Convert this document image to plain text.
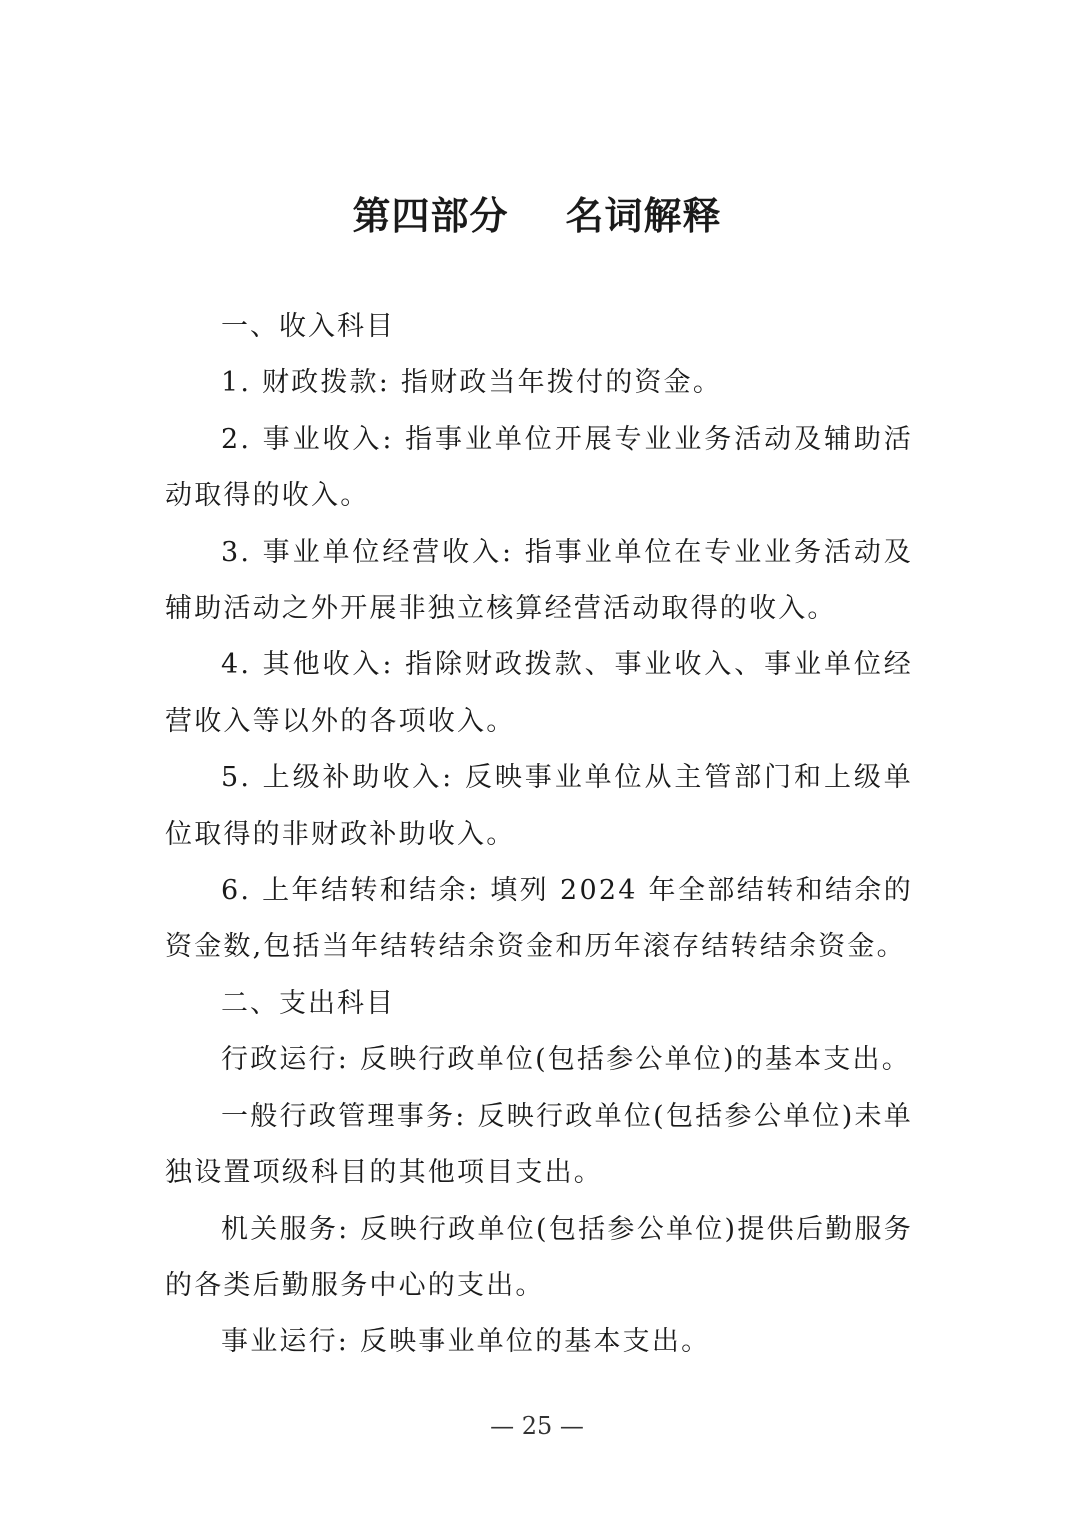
第四部分    名词解释

一、收入科目

1. 财政拨款: 指财政当年拨付的资金。

2. 事业收入: 指事业单位开展专业业务活动及辅助活动取得的收入。

3. 事业单位经营收入: 指事业单位在专业业务活动及辅助活动之外开展非独立核算经营活动取得的收入。

4. 其他收入: 指除财政拨款、事业收入、事业单位经营收入等以外的各项收入。

5. 上级补助收入: 反映事业单位从主管部门和上级单位取得的非财政补助收入。

6. 上年结转和结余: 填列 2024 年全部结转和结余的资金数,包括当年结转结余资金和历年滚存结转结余资金。

二、支出科目

行政运行: 反映行政单位(包括参公单位)的基本支出。

一般行政管理事务: 反映行政单位(包括参公单位)未单独设置项级科目的其他项目支出。

机关服务: 反映行政单位(包括参公单位)提供后勤服务的各类后勤服务中心的支出。

事业运行: 反映事业单位的基本支出。

— 25 —
